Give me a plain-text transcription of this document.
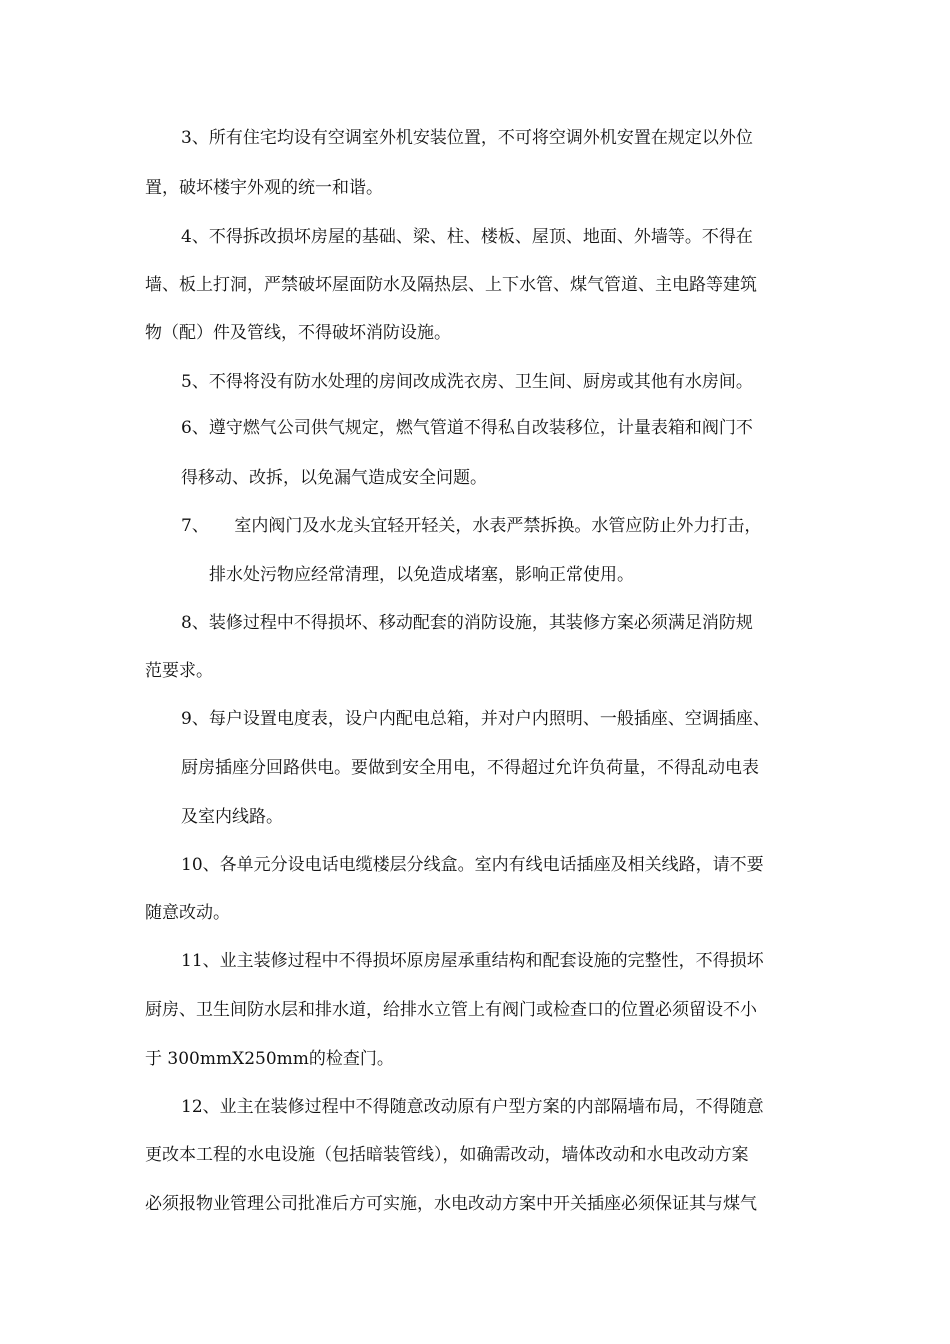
3、所有住宅均设有空调室外机安装位置，不可将空调外机安置在规定以外位
置，破坏楼宇外观的统一和谐。
4、不得拆改损坏房屋的基础、梁、柱、楼板、屋顶、地面、外墙等。不得在
墙、板上打洞，严禁破坏屋面防水及隔热层、上下水管、煤气管道、主电路等建筑
物（配）件及管线，不得破坏消防设施。
5、不得将没有防水处理的房间改成洗衣房、卫生间、厨房或其他有水房间。
6、遵守燃气公司供气规定，燃气管道不得私自改装移位，计量表箱和阀门不
得移动、改拆，以免漏气造成安全问题。
7、　　室内阀门及水龙头宜轻开轻关，水表严禁拆换。水管应防止外力打击，
排水处污物应经常清理，以免造成堵塞，影响正常使用。
8、装修过程中不得损坏、移动配套的消防设施，其装修方案必须满足消防规
范要求。
9、每户设置电度表，设户内配电总箱，并对户内照明、一般插座、空调插座、
厨房插座分回路供电。要做到安全用电，不得超过允许负荷量，不得乱动电表
及室内线路。
10、各单元分设电话电缆楼层分线盒。室内有线电话插座及相关线路，请不要
随意改动。
11、业主装修过程中不得损坏原房屋承重结构和配套设施的完整性，不得损坏
厨房、卫生间防水层和排水道，给排水立管上有阀门或检查口的位置必须留设不小
于 300mmX250mm的检查门。
12、业主在装修过程中不得随意改动原有户型方案的内部隔墙布局，不得随意
更改本工程的水电设施（包括暗装管线），如确需改动，墙体改动和水电改动方案
必须报物业管理公司批准后方可实施，水电改动方案中开关插座必须保证其与煤气
